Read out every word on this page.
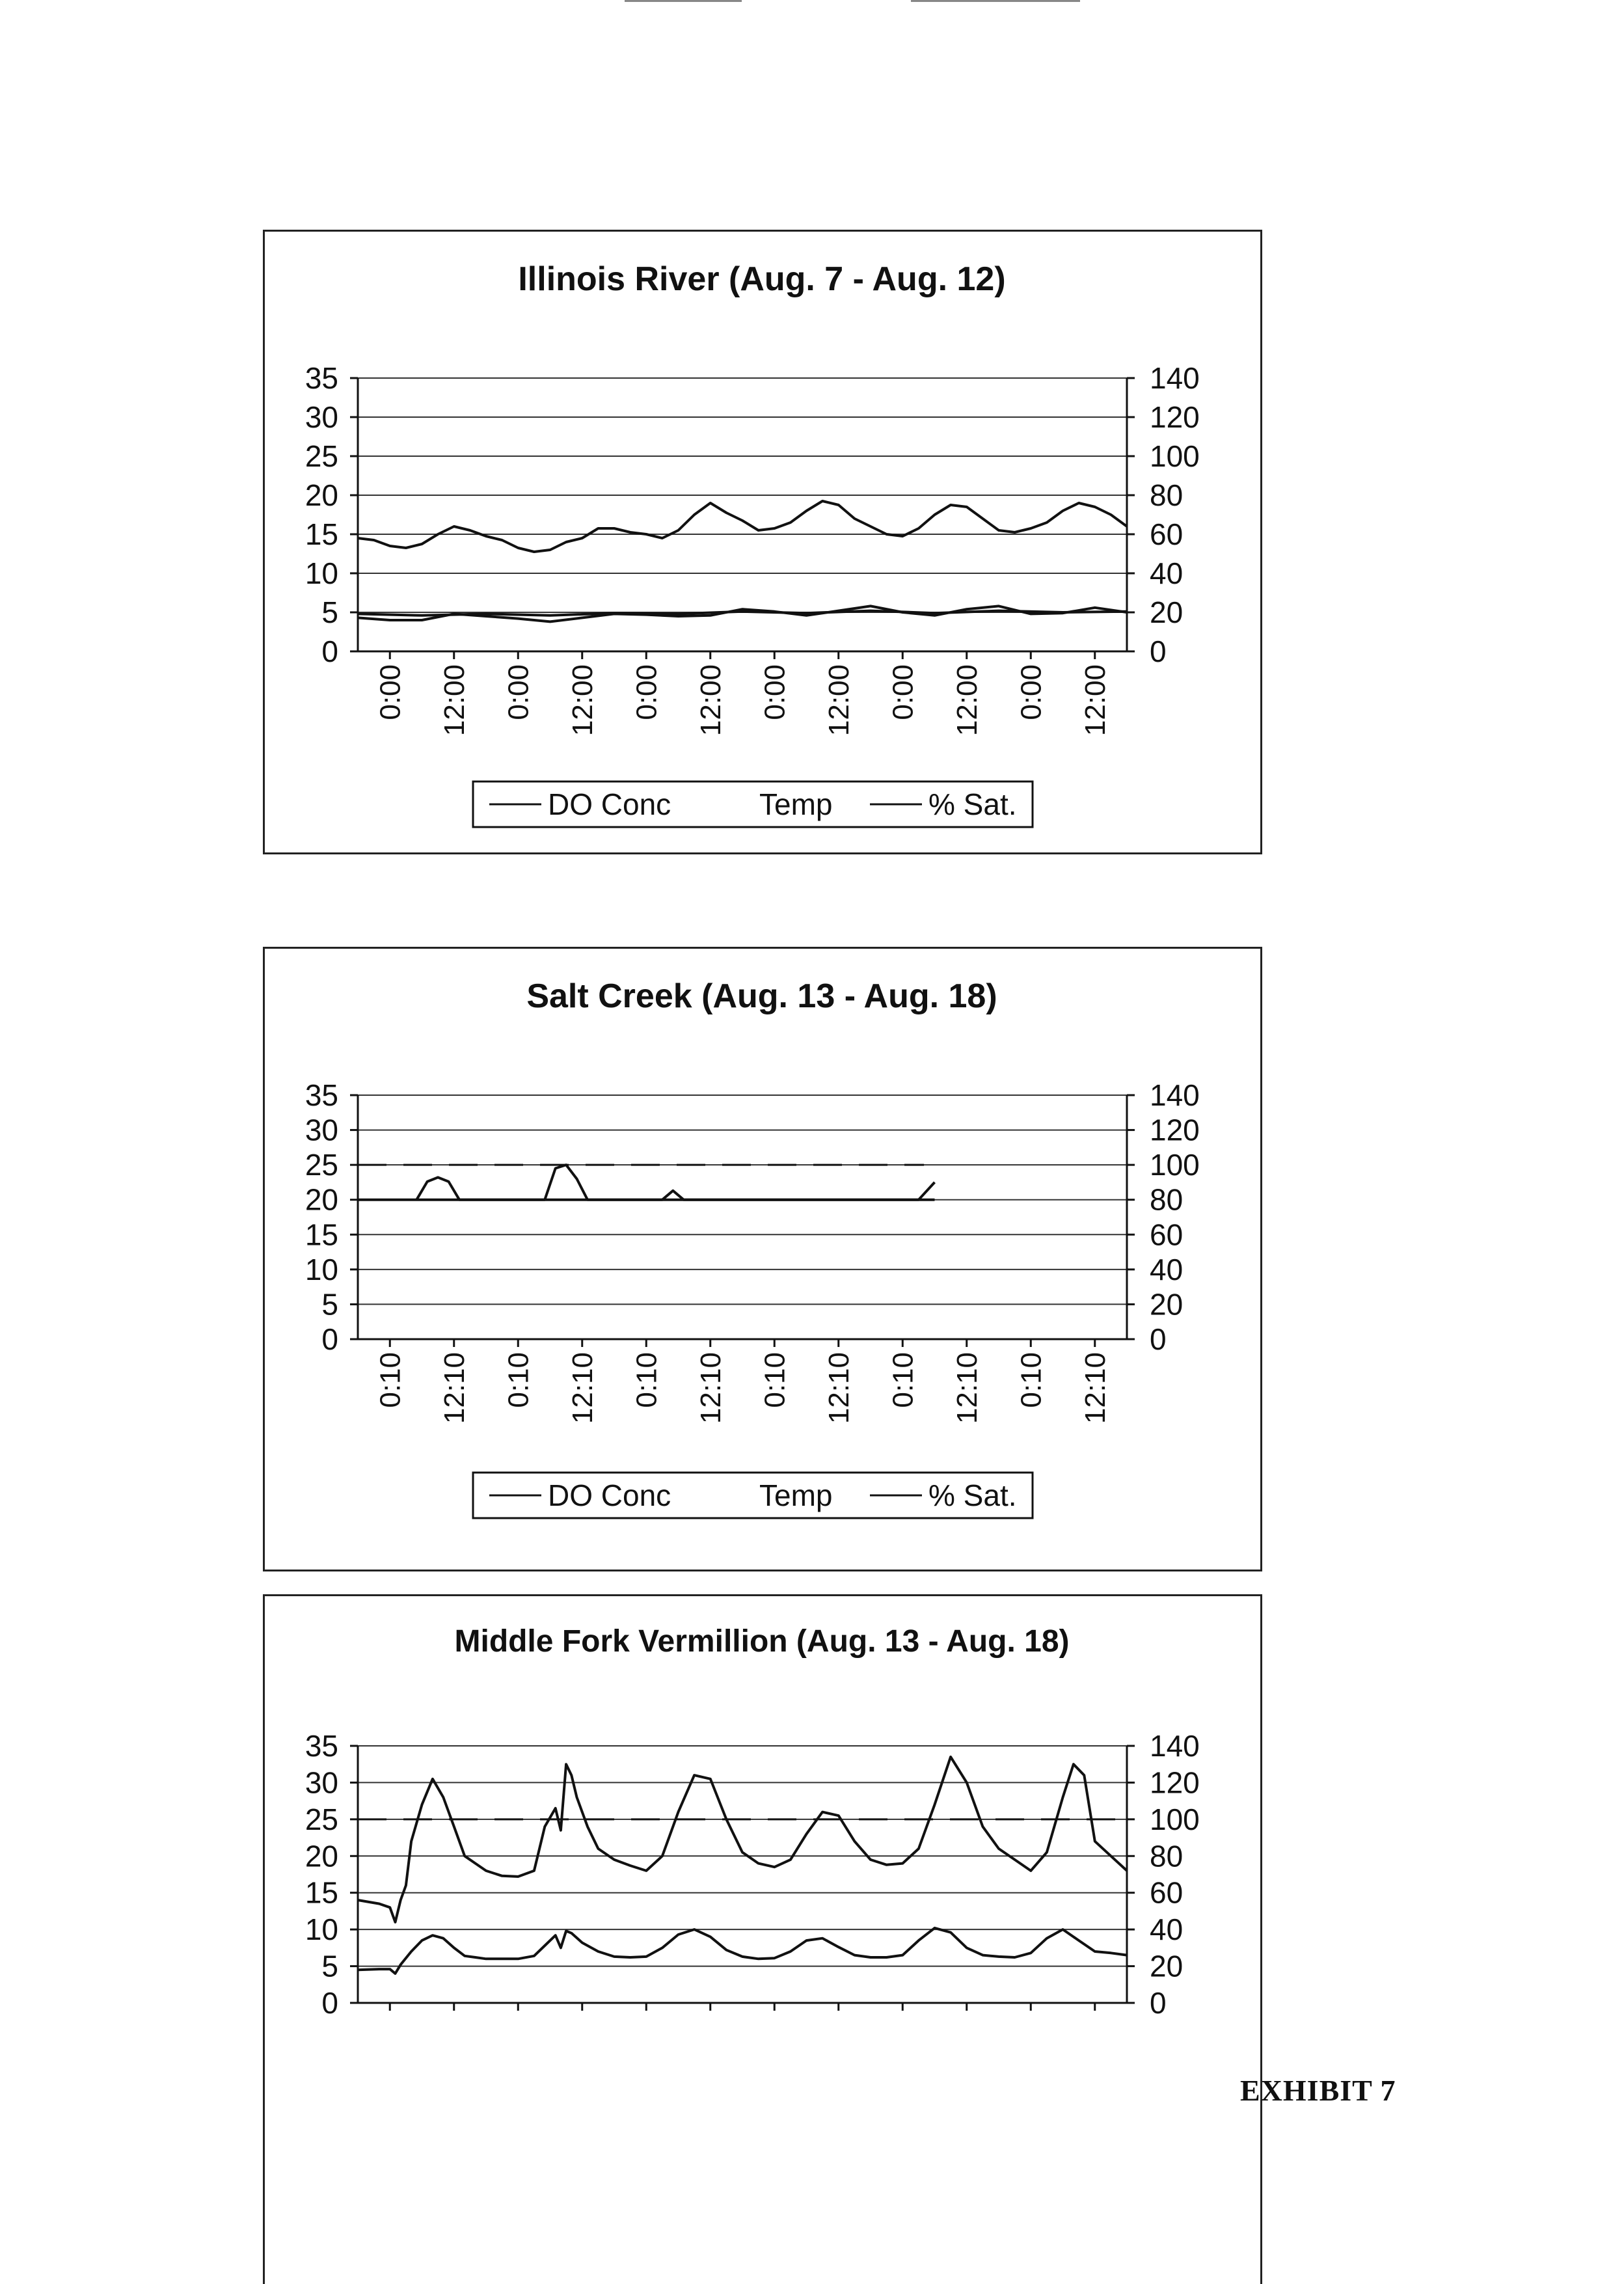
Illinois River (Aug. 7 - Aug. 12)
0
5
10
15
20
25
30
35
0
20
40
60
80
100
120
140
0:00 12:00 0:00 12:00 0:00 12:00 0:00 12:00 0:00 12:00 0:00 12:00
DO Conc	Temp	% Sat.
Salt Creek (Aug. 13 - Aug. 18)
0
5
10
15
20
25
30
35
0
20
40
60
80
100
120
140
0:10 12:10 0:10 12:10 0:10 12:10 0:10 12:10 0:10 12:10 0:10 12:10
DO Conc	Temp	% Sat.
Middle Fork Vermillion (Aug. 13 - Aug. 18)
0
5
10
15
20
25
30
35
0
20
40
60
80
100
120
140
EXHIBIT 7
